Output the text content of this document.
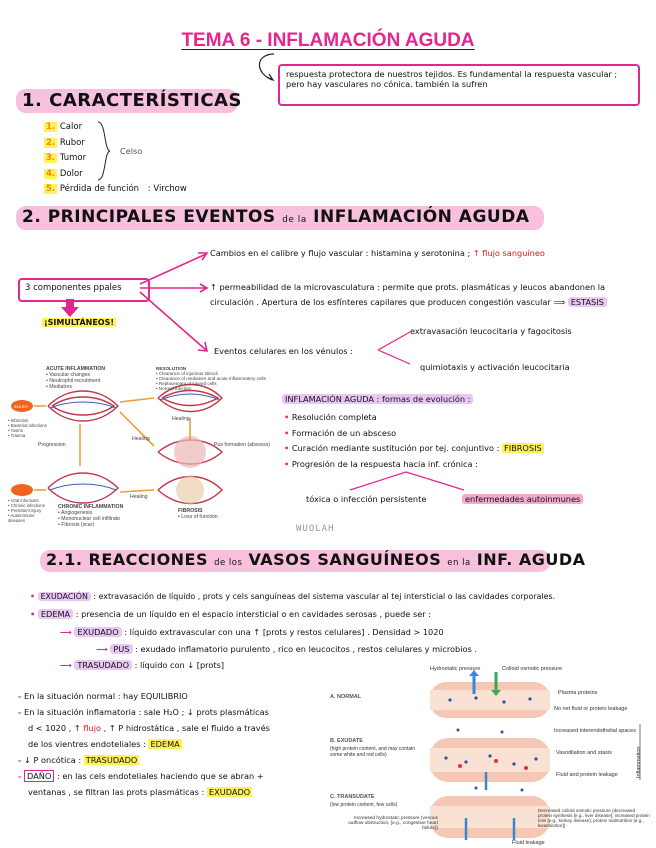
TEMA 6 - INFLAMACIÓN AGUDA
respuesta protectora de nuestros tejidos. Es fundamental la respuesta vascular ; pero hay vasculares no cónica. también la sufren
1. CARACTERÍSTICAS
1. Calor
2. Rubor
3. Tumor
4. Dolor
5. Pérdida de función : Virchow
Celso
2. PRINCIPALES EVENTOS de la INFLAMACIÓN AGUDA
3 componentes ppales
¡SIMULTÁNEOS!
Cambios en el calibre y flujo vascular : histamina y serotonina ; ↑ flujo sanguíneo
↑ permeabilidad de la microvasculatura : permite que prots. plasmáticas y leucos abandonen la circulación . Apertura de los esfínteres capilares que producen congestión vascular ⟹ ESTASIS
Eventos celulares en los vénulos :
extravasación leucocitaria y fagocitosis
quimiotaxis y activación leucocitaria
ACUTE INFLAMMATION
• Vascular changes
• Neutrophil recruitment
• Mediators
RESOLUTION
• Clearance of injurious stimuli
• Clearance of mediators and acute inflammatory cells
• Replacement of injured cells
• Normal function
INJURY
• Infarction
• Bacterial infections
• Toxins
• Trauma
Progression
Healing
Pus formation (abscess)
Healing
• Viral infections
• Chronic infections
• Persistent injury
• Autoimmune diseases
CHRONIC INFLAMMATION
• Angiogenesis
• Mononuclear cell infiltrate
• Fibrosis (scar)
Healing
FIBROSIS
• Loss of function
INFLAMACIÓN AGUDA : formas de evolución :
• Resolución completa
• Formación de un absceso
• Curación mediante sustitución por tej. conjuntivo : FIBROSIS
• Progresión de la respuesta hacia inf. crónica :
tóxica o infección persistente	enfermedades autoinmunes
WUOLAH
2.1. REACCIONES de los VASOS SANGUÍNEOS en la INF. AGUDA
• EXUDACIÓN : extravasación de líquido , prots y cels sanguíneas del sistema vascular al tej intersticial o las cavidades corporales.
• EDEMA : presencia de un líquido en el espacio intersticial o en cavidades serosas , puede ser :
⟶ EXUDADO : líquido extravascular con una ↑ [prots y restos celulares] . Densidad > 1020
⟶ PUS : exudado inflamatorio purulento , rico en leucocitos , restos celulares y microbios .
⟶ TRASUDADO : líquido con ↓ [prots]
- En la situación normal : hay EQUILIBRIO
- En la situación inflamatoria : sale H₂O ; ↓ prots plasmáticas
d < 1020 , ↑ flujo , ↑ P hidrostática , sale el fluido a través
de los vientres endoteliales : EDEMA
- ↓ P oncótica : TRASUDADO
- DAÑO : en las cels endoteliales haciendo que se abran +
ventanas , se filtran las prots plasmáticas : EXUDADO
Hydrostatic pressure	Colloid osmotic pressure
A. NORMAL
Plasma proteins
No net fluid or protein leakage
B. EXUDATE
(high protein content, and may contain some white and red cells)
Increased interendothelial spaces
Vasodilation and stasis
Fluid and protein leakage	Inflammation
C. TRANSUDATE
(low protein content, few cells)
Increased hydrostatic pressure (venous outflow obstruction, [e.g., congestive heart failure])
Decreased colloid osmotic pressure (decreased protein synthesis [e.g., liver disease]; increased protein loss [e.g., kidney disease]; protein malnutrition [e.g., kwashiorkor])
Fluid leakage
